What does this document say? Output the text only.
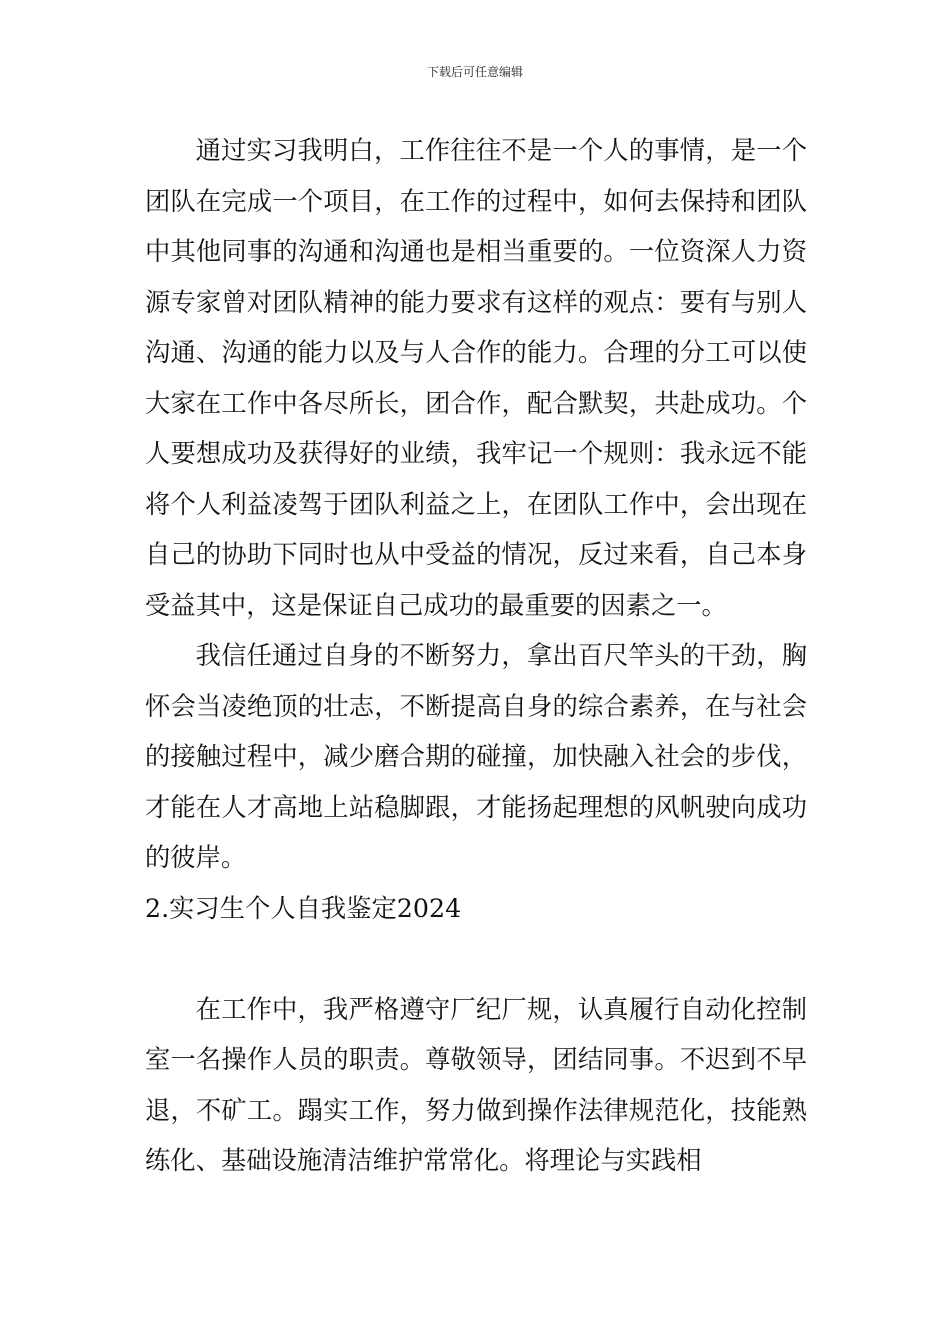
下载后可任意编辑

通过实习我明白，工作往往不是一个人的事情，是一个团队在完成一个项目，在工作的过程中，如何去保持和团队中其他同事的沟通和沟通也是相当重要的。一位资深人力资源专家曾对团队精神的能力要求有这样的观点：要有与别人沟通、沟通的能力以及与人合作的能力。合理的分工可以使大家在工作中各尽所长，团合作，配合默契，共赴成功。个人要想成功及获得好的业绩，我牢记一个规则：我永远不能将个人利益凌驾于团队利益之上，在团队工作中，会出现在自己的协助下同时也从中受益的情况，反过来看，自己本身受益其中，这是保证自己成功的最重要的因素之一。

我信任通过自身的不断努力，拿出百尺竿头的干劲，胸怀会当凌绝顶的壮志，不断提高自身的综合素养，在与社会的接触过程中，减少磨合期的碰撞，加快融入社会的步伐，才能在人才高地上站稳脚跟，才能扬起理想的风帆驶向成功的彼岸。

2.实习生个人自我鉴定2024

在工作中，我严格遵守厂纪厂规，认真履行自动化控制室一名操作人员的职责。尊敬领导，团结同事。不迟到不早退，不矿工。蹋实工作，努力做到操作法律规范化，技能熟练化、基础设施清洁维护常常化。将理论与实践相
